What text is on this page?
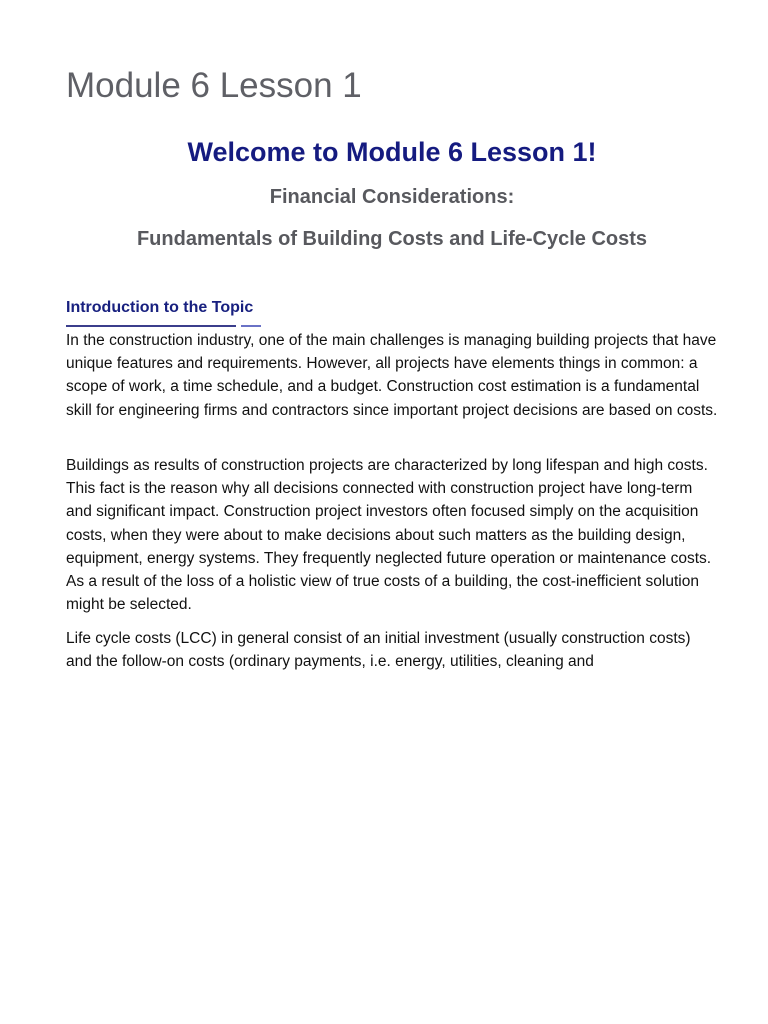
Module 6 Lesson 1
Welcome to Module 6 Lesson 1!
Financial Considerations:
Fundamentals of Building Costs and Life-Cycle Costs
Introduction to the Topic

In the construction industry, one of the main challenges is managing building projects that have unique features and requirements. However, all projects have elements things in common: a scope of work, a time schedule, and a budget. Construction cost estimation is a fundamental skill for engineering firms and contractors since important project decisions are based on costs.

Buildings as results of construction projects are characterized by long lifespan and high costs. This fact is the reason why all decisions connected with construction project have long-term and significant impact. Construction project investors often focused simply on the acquisition costs, when they were about to make decisions about such matters as the building design, equipment, energy systems. They frequently neglected future operation or maintenance costs. As a result of the loss of a holistic view of true costs of a building, the cost-inefficient solution might be selected.

Life cycle costs (LCC) in general consist of an initial investment (usually construction costs) and the follow-on costs (ordinary payments, i.e. energy, utilities, cleaning and
